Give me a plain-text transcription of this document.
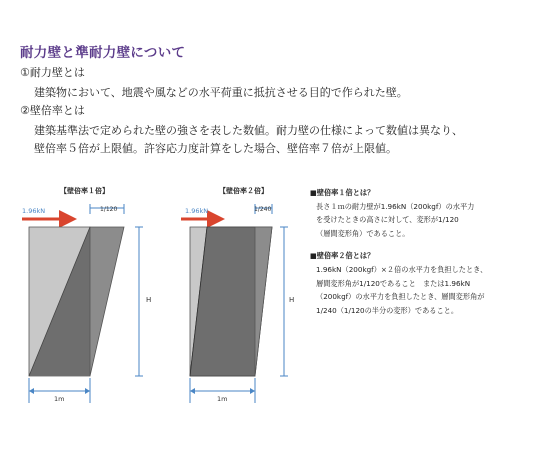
耐力壁と準耐力壁について
①耐力壁とは
建築物において、地震や風などの水平荷重に抵抗させる目的で作られた壁。
②壁倍率とは
建築基準法で定められた壁の強さを表した数値。耐力壁の仕様によって数値は異なり、
壁倍率５倍が上限値。許容応力度計算をした場合、壁倍率７倍が上限値。
【壁倍率１倍】	【壁倍率２倍】
1.96kN	1/120
H
1m
1.96kN	1/240
H
1m
■壁倍率１倍とは？
長さ１ｍの耐力壁が1.96kN（200kgf）の水平力
を受けたときの高さに対して、変形が1/120
（層間変形角）であること。
■壁倍率２倍とは？
1.96kN（200kgf）×２倍の水平力を負担したとき、
層間変形角が1/120であること　または1.96kN
（200kgf）の水平力を負担したとき、層間変形角が
1/240（1/120の半分の変形）であること。
